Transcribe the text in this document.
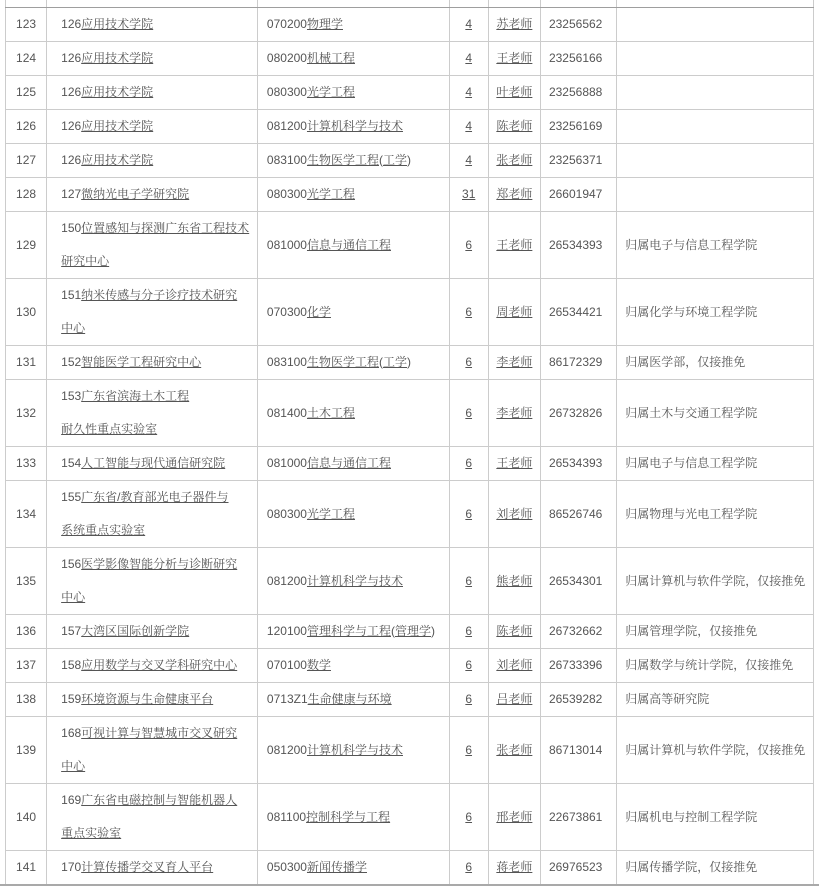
123	126应用技术学院	070200物理学	4	苏老师	23256562	
124	126应用技术学院	080200机械工程	4	王老师	23256166	
125	126应用技术学院	080300光学工程	4	叶老师	23256888	
126	126应用技术学院	081200计算机科学与技术	4	陈老师	23256169	
127	126应用技术学院	083100生物医学工程(工学)	4	张老师	23256371	
128	127微纳光电子学研究院	080300光学工程	31	郑老师	26601947	
129	150位置感知与探测广东省工程技术
研究中心	081000信息与通信工程	6	王老师	26534393	归属电子与信息工程学院
130	151纳米传感与分子诊疗技术研究
中心	070300化学	6	周老师	26534421	归属化学与环境工程学院
131	152智能医学工程研究中心	083100生物医学工程(工学)	6	李老师	86172329	归属医学部，仅接推免
132	153广东省滨海土木工程
耐久性重点实验室	081400土木工程	6	李老师	26732826	归属土木与交通工程学院
133	154人工智能与现代通信研究院	081000信息与通信工程	6	王老师	26534393	归属电子与信息工程学院
134	155广东省/教育部光电子器件与
系统重点实验室	080300光学工程	6	刘老师	86526746	归属物理与光电工程学院
135	156医学影像智能分析与诊断研究
中心	081200计算机科学与技术	6	熊老师	26534301	归属计算机与软件学院，仅接推免
136	157大湾区国际创新学院	120100管理科学与工程(管理学)	6	陈老师	26732662	归属管理学院，仅接推免
137	158应用数学与交叉学科研究中心	070100数学	6	刘老师	26733396	归属数学与统计学院，仅接推免
138	159环境资源与生命健康平台	0713Z1生命健康与环境	6	吕老师	26539282	归属高等研究院
139	168可视计算与智慧城市交叉研究
中心	081200计算机科学与技术	6	张老师	86713014	归属计算机与软件学院，仅接推免
140	169广东省电磁控制与智能机器人
重点实验室	081100控制科学与工程	6	邢老师	22673861	归属机电与控制工程学院
141	170计算传播学交叉育人平台	050300新闻传播学	6	蒋老师	26976523	归属传播学院，仅接推免
